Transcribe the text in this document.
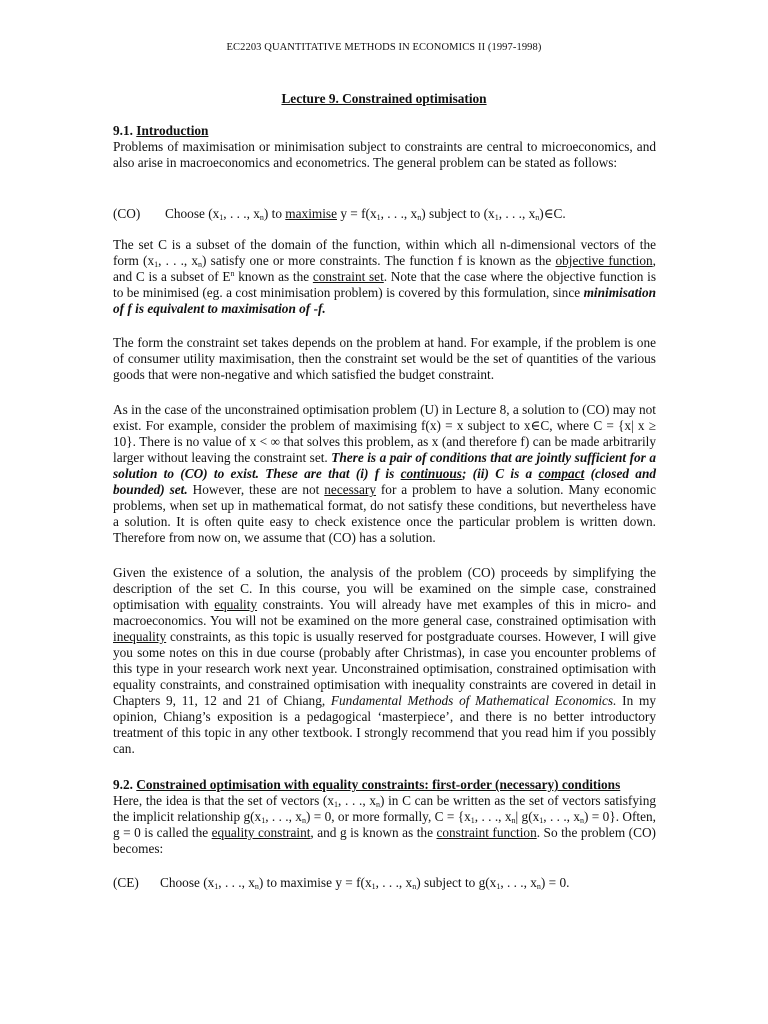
EC2203 QUANTITATIVE METHODS IN ECONOMICS II (1997-1998)
Lecture 9. Constrained optimisation
9.1. Introduction
Problems of maximisation or minimisation subject to constraints are central to microeconomics, and also arise in macroeconomics and econometrics. The general problem can be stated as follows:
(CO) Choose ($x_1$, . . ., $x_n$) to maximise $y = f(x_1$, . . ., $x_n$) subject to ($x_1$, . . ., $x_n)\in C$.
The set C is a subset of the domain of the function, within which all n-dimensional vectors of the form ($x_1$, . . ., $x_n$) satisfy one or more constraints. The function f is known as the objective function, and C is a subset of $E^n$ known as the constraint set. Note that the case where the objective function is to be minimised (eg. a cost minimisation problem) is covered by this formulation, since minimisation of f is equivalent to maximisation of -f.
The form the constraint set takes depends on the problem at hand. For example, if the problem is one of consumer utility maximisation, then the constraint set would be the set of quantities of the various goods that were non-negative and which satisfied the budget constraint.
As in the case of the unconstrained optimisation problem (U) in Lecture 8, a solution to (CO) may not exist. For example, consider the problem of maximising f(x) = x subject to x∈C, where C = {x| x ≥ 10}. There is no value of x < ∞ that solves this problem, as x (and therefore f) can be made arbitrarily larger without leaving the constraint set. There is a pair of conditions that are jointly sufficient for a solution to (CO) to exist. These are that (i) f is continuous; (ii) C is a compact (closed and bounded) set. However, these are not necessary for a problem to have a solution. Many economic problems, when set up in mathematical format, do not satisfy these conditions, but nevertheless have a solution. It is often quite easy to check existence once the particular problem is written down. Therefore from now on, we assume that (CO) has a solution.
Given the existence of a solution, the analysis of the problem (CO) proceeds by simplifying the description of the set C. In this course, you will be examined on the simple case, constrained optimisation with equality constraints. You will already have met examples of this in micro- and macroeconomics. You will not be examined on the more general case, constrained optimisation with inequality constraints, as this topic is usually reserved for postgraduate courses. However, I will give you some notes on this in due course (probably after Christmas), in case you encounter problems of this type in your research work next year. Unconstrained optimisation, constrained optimisation with equality constraints, and constrained optimisation with inequality constraints are covered in detail in Chapters 9, 11, 12 and 21 of Chiang, Fundamental Methods of Mathematical Economics. In my opinion, Chiang’s exposition is a pedagogical ‘masterpiece’, and there is no better introductory treatment of this topic in any other textbook. I strongly recommend that you read him if you possibly can.
9.2. Constrained optimisation with equality constraints: first-order (necessary) conditions
Here, the idea is that the set of vectors ($x_1$, . . ., $x_n$) in C can be written as the set of vectors satisfying the implicit relationship $g(x_1$, . . ., $x_n) = 0$, or more formally, $C = \{x_1$, . . ., $x_n|$ $g(x_1$, . . ., $x_n) = 0$}. Often, g = 0 is called the equality constraint, and g is known as the constraint function. So the problem (CO) becomes:
(CE) Choose ($x_1$, . . ., $x_n$) to maximise $y = f(x_1$, . . ., $x_n$) subject to $g(x_1$, . . ., $x_n) = 0$.
